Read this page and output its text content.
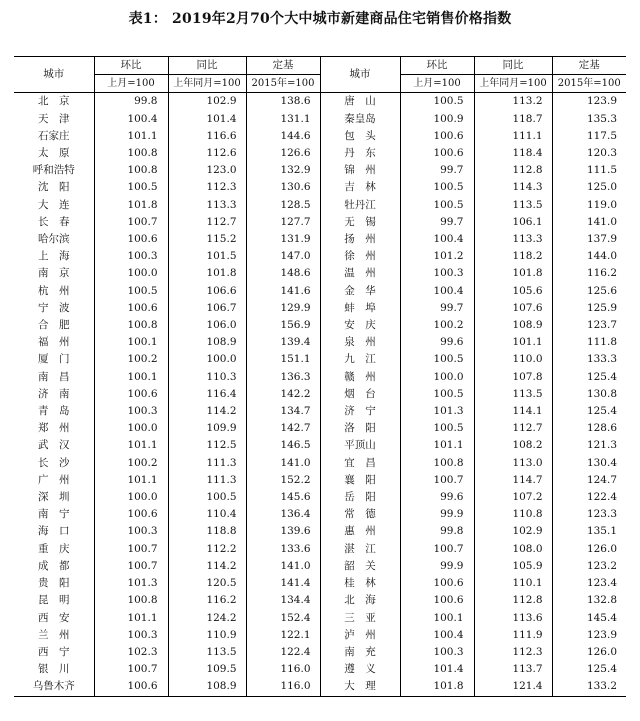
表1： 2019年2月70个大中城市新建商品住宅销售价格指数
城市	环比	同比	定基	城市	环比	同比	定基
	上月=100	上年同月=100	2015年=100		上月=100	上年同月=100	2015年=100
北　京	99.8	102.9	138.6	唐　山	100.5	113.2	123.9
天　津	100.4	101.4	131.1	秦皇岛	100.9	118.7	135.3
石家庄	101.1	116.6	144.6	包　头	100.6	111.1	117.5
太　原	100.8	112.6	126.6	丹　东	100.6	118.4	120.3
呼和浩特	100.8	123.0	132.9	锦　州	99.7	112.8	111.5
沈　阳	100.5	112.3	130.6	吉　林	100.5	114.3	125.0
大　连	101.8	113.3	128.5	牡丹江	100.5	113.5	119.0
长　春	100.7	112.7	127.7	无　锡	99.7	106.1	141.0
哈尔滨	100.6	115.2	131.9	扬　州	100.4	113.3	137.9
上　海	100.3	101.5	147.0	徐　州	101.2	118.2	144.0
南　京	100.0	101.8	148.6	温　州	100.3	101.8	116.2
杭　州	100.5	106.6	141.6	金　华	100.4	105.6	125.6
宁　波	100.6	106.7	129.9	蚌　埠	99.7	107.6	125.9
合　肥	100.8	106.0	156.9	安　庆	100.2	108.9	123.7
福　州	100.1	108.9	139.4	泉　州	99.6	101.1	111.8
厦　门	100.2	100.0	151.1	九　江	100.5	110.0	133.3
南　昌	100.1	110.3	136.3	赣　州	100.0	107.8	125.4
济　南	100.6	116.4	142.2	烟　台	100.5	113.5	130.8
青　岛	100.3	114.2	134.7	济　宁	101.3	114.1	125.4
郑　州	100.0	109.9	142.7	洛　阳	100.5	112.7	128.6
武　汉	101.1	112.5	146.5	平顶山	101.1	108.2	121.3
长　沙	100.2	111.3	141.0	宜　昌	100.8	113.0	130.4
广　州	101.1	111.3	152.2	襄　阳	100.7	114.7	124.7
深　圳	100.0	100.5	145.6	岳　阳	99.6	107.2	122.4
南　宁	100.6	110.4	136.4	常　德	99.9	110.8	123.3
海　口	100.3	118.8	139.6	惠　州	99.8	102.9	135.1
重　庆	100.7	112.2	133.6	湛　江	100.7	108.0	126.0
成　都	100.7	114.2	141.0	韶　关	99.9	105.9	123.2
贵　阳	101.3	120.5	141.4	桂　林	100.6	110.1	123.4
昆　明	100.8	116.2	134.4	北　海	100.6	112.8	132.8
西　安	101.1	124.2	152.4	三　亚	100.1	113.6	145.4
兰　州	100.3	110.9	122.1	泸　州	100.4	111.9	123.9
西　宁	102.3	113.5	122.4	南　充	100.3	112.3	126.0
银　川	100.7	109.5	116.0	遵　义	101.4	113.7	125.4
乌鲁木齐	100.6	108.9	116.0	大　理	101.8	121.4	133.2
